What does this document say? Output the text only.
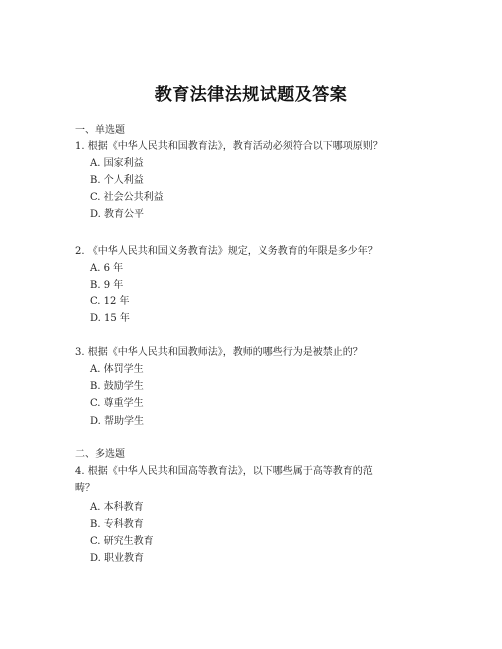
教育法律法规试题及答案
一、单选题
1. 根据《中华人民共和国教育法》，教育活动必须符合以下哪项原则？
A. 国家利益
B. 个人利益
C. 社会公共利益
D. 教育公平
2. 《中华人民共和国义务教育法》规定，义务教育的年限是多少年？
A. 6 年
B. 9 年
C. 12 年
D. 15 年
3. 根据《中华人民共和国教师法》，教师的哪些行为是被禁止的？
A. 体罚学生
B. 鼓励学生
C. 尊重学生
D. 帮助学生
二、多选题
4. 根据《中华人民共和国高等教育法》，以下哪些属于高等教育的范
畴？
A. 本科教育
B. 专科教育
C. 研究生教育
D. 职业教育
